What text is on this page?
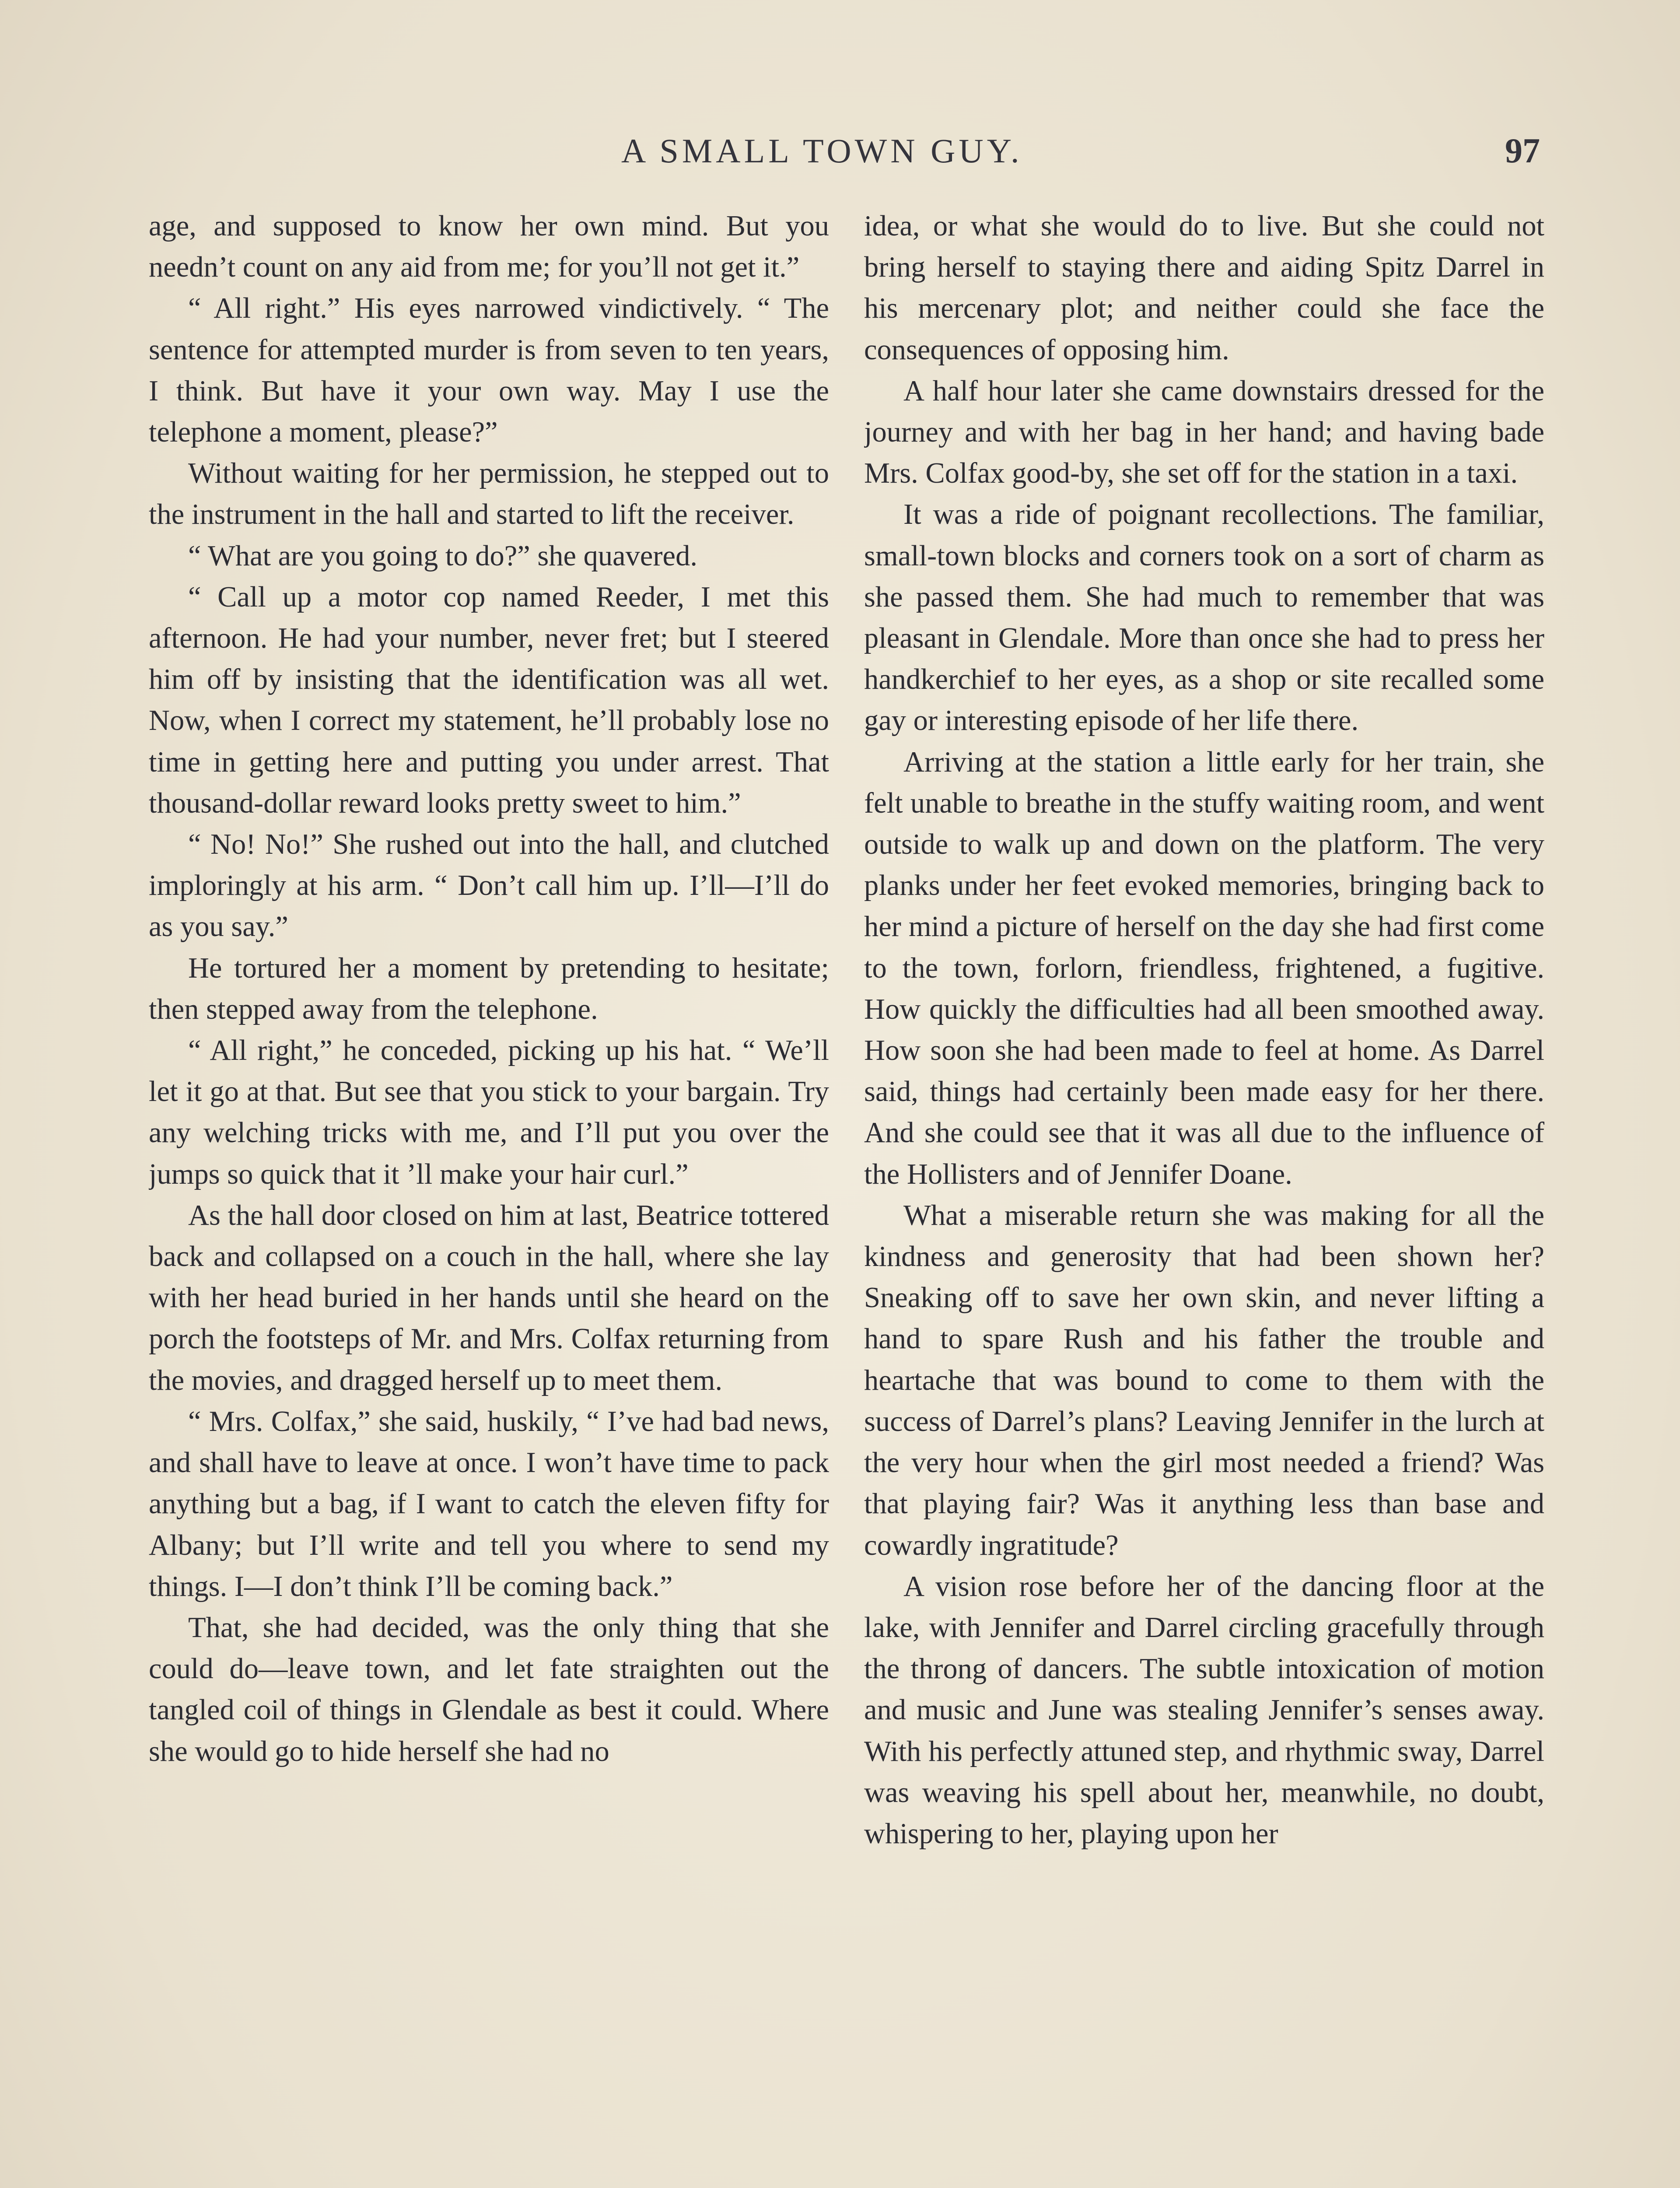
A SMALL TOWN GUY.	97

age, and supposed to know her own mind. But you needn’t count on any aid from me; for you’ll not get it.”

“ All right.” His eyes narrowed vindictively. “ The sentence for attempted murder is from seven to ten years, I think. But have it your own way. May I use the telephone a moment, please?”

Without waiting for her permission, he stepped out to the instrument in the hall and started to lift the receiver.

“ What are you going to do?” she quavered.

“ Call up a motor cop named Reeder, I met this afternoon. He had your number, never fret; but I steered him off by insisting that the identification was all wet. Now, when I correct my statement, he’ll probably lose no time in getting here and putting you under arrest. That thousand-dollar reward looks pretty sweet to him.”

“ No! No!” She rushed out into the hall, and clutched imploringly at his arm. “ Don’t call him up. I’ll—I’ll do as you say.”

He tortured her a moment by pretending to hesitate; then stepped away from the telephone.

“ All right,” he conceded, picking up his hat. “ We’ll let it go at that. But see that you stick to your bargain. Try any welching tricks with me, and I’ll put you over the jumps so quick that it ’ll make your hair curl.”

As the hall door closed on him at last, Beatrice tottered back and collapsed on a couch in the hall, where she lay with her head buried in her hands until she heard on the porch the footsteps of Mr. and Mrs. Colfax returning from the movies, and dragged herself up to meet them.

“ Mrs. Colfax,” she said, huskily, “ I’ve had bad news, and shall have to leave at once. I won’t have time to pack anything but a bag, if I want to catch the eleven fifty for Albany; but I’ll write and tell you where to send my things. I—I don’t think I’ll be coming back.”

That, she had decided, was the only thing that she could do—leave town, and let fate straighten out the tangled coil of things in Glendale as best it could. Where she would go to hide herself she had no

idea, or what she would do to live. But she could not bring herself to staying there and aiding Spitz Darrel in his mercenary plot; and neither could she face the consequences of opposing him.

A half hour later she came downstairs dressed for the journey and with her bag in her hand; and having bade Mrs. Colfax good-by, she set off for the station in a taxi.

It was a ride of poignant recollections. The familiar, small-town blocks and corners took on a sort of charm as she passed them. She had much to remember that was pleasant in Glendale. More than once she had to press her handkerchief to her eyes, as a shop or site recalled some gay or interesting episode of her life there.

Arriving at the station a little early for her train, she felt unable to breathe in the stuffy waiting room, and went outside to walk up and down on the platform. The very planks under her feet evoked memories, bringing back to her mind a picture of herself on the day she had first come to the town, forlorn, friendless, frightened, a fugitive. How quickly the difficulties had all been smoothed away. How soon she had been made to feel at home. As Darrel said, things had certainly been made easy for her there. And she could see that it was all due to the influence of the Hollisters and of Jennifer Doane.

What a miserable return she was making for all the kindness and generosity that had been shown her? Sneaking off to save her own skin, and never lifting a hand to spare Rush and his father the trouble and heartache that was bound to come to them with the success of Darrel’s plans? Leaving Jennifer in the lurch at the very hour when the girl most needed a friend? Was that playing fair? Was it anything less than base and cowardly ingratitude?

A vision rose before her of the dancing floor at the lake, with Jennifer and Darrel circling gracefully through the throng of dancers. The subtle intoxication of motion and music and June was stealing Jennifer’s senses away. With his perfectly attuned step, and rhythmic sway, Darrel was weaving his spell about her, meanwhile, no doubt, whispering to her, playing upon her
